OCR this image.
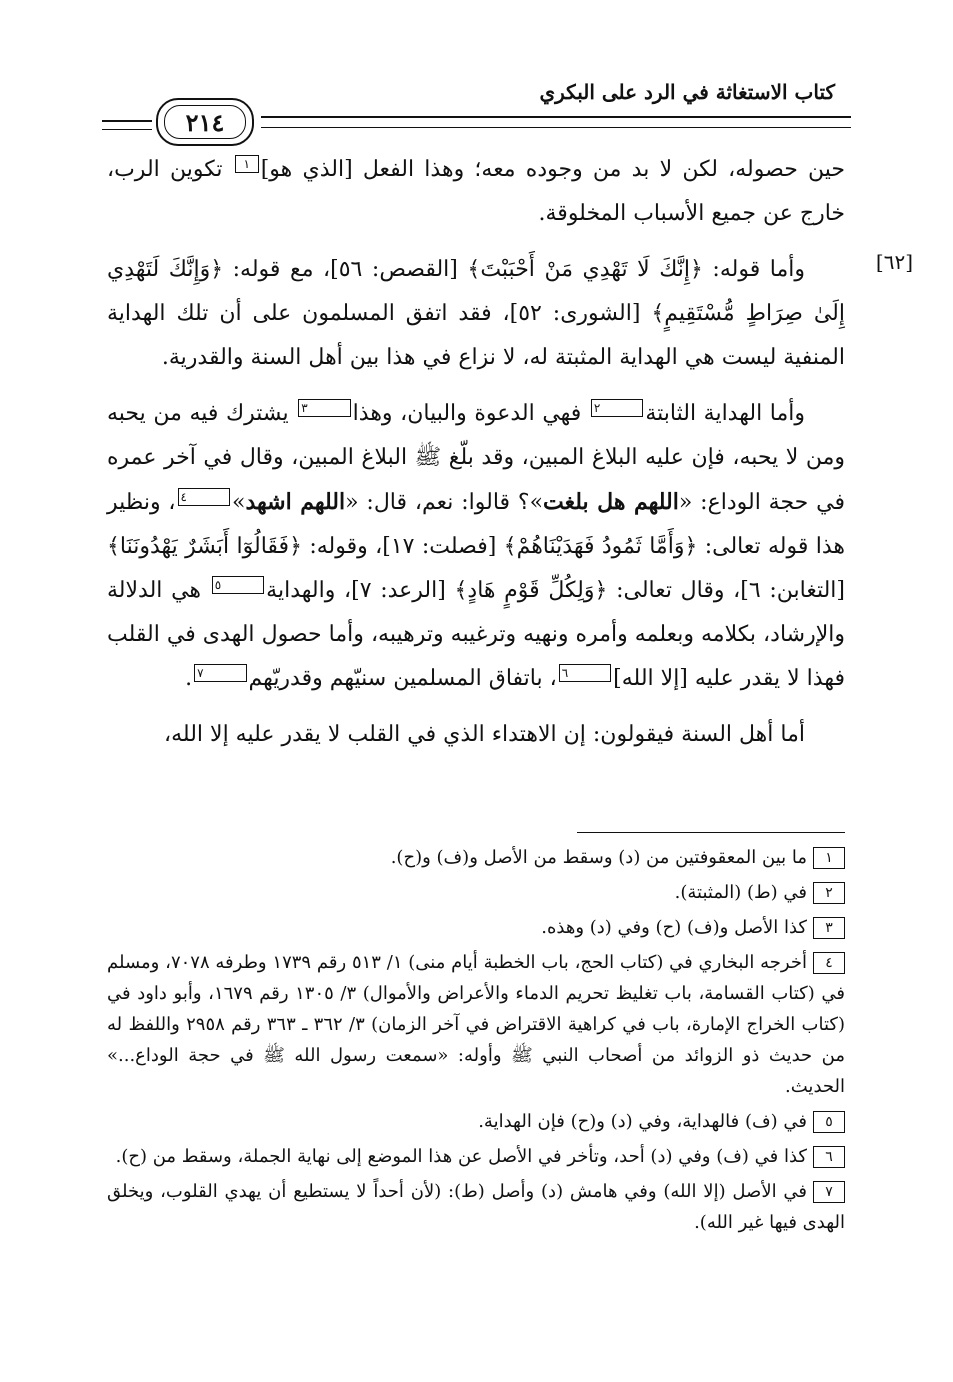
كتاب الاستغاثة في الرد على البكري
٢١٤
[٦٢]

حين حصوله، لكن لا بد من وجوده معه؛ وهذا الفعل [الذي هو]١ تكوين الرب، خارج عن جميع الأسباب المخلوقة.

وأما قوله: ﴿إِنَّكَ لَا تَهْدِي مَنْ أَحْبَبْتَ﴾ [القصص: ٥٦]، مع قوله: ﴿وَإِنَّكَ لَتَهْدِي إِلَىٰ صِرَاطٍ مُّسْتَقِيمٍ﴾ [الشورى: ٥٢]، فقد اتفق المسلمون على أن تلك الهداية المنفية ليست هي الهداية المثبتة له، لا نزاع في هذا بين أهل السنة والقدرية.

وأما الهداية الثابتة٢ فهي الدعوة والبيان، وهذا٣ يشترك فيه من يحبه ومن لا يحبه، فإن عليه البلاغ المبين، وقد بلّغ ﷺ البلاغ المبين، وقال في آخر عمره في حجة الوداع: «اللهم هل بلغت»؟ قالوا: نعم، قال: «اللهم اشهد»٤، ونظير هذا قوله تعالى: ﴿وَأَمَّا ثَمُودُ فَهَدَيْنَاهُمْ﴾ [فصلت: ١٧]، وقوله: ﴿فَقَالُوٓا أَبَشَرٌ يَهْدُونَنَا﴾ [التغابن: ٦]، وقال تعالى: ﴿وَلِكُلِّ قَوْمٍ هَادٍ﴾ [الرعد: ٧]، والهداية٥ هي الدلالة والإرشاد، بكلامه وبعلمه وأمره ونهيه وترغيبه وترهيبه، وأما حصول الهدى في القلب فهذا لا يقدر عليه [إلا الله]٦، باتفاق المسلمين سنيّهم وقدريّهم٧.

أما أهل السنة فيقولون: إن الاهتداء الذي في القلب لا يقدر عليه إلا الله،

١ما بين المعقوفتين من (د) وسقط من الأصل و(ف) و(ح).

٢في (ط) (المثبتة).

٣كذا الأصل و(ف) (ح) وفي (د) وهذه.

٤أخرجه البخاري في (كتاب الحج، باب الخطبة أيام منى) ١/ ٥١٣ رقم ١٧٣٩ وطرفه ٧٠٧٨، ومسلم في (كتاب القسامة، باب تغليظ تحريم الدماء والأعراض والأموال) ٣/ ١٣٠٥ رقم ١٦٧٩، وأبو داود في (كتاب الخراج الإمارة، باب في كراهية الاقتراض في آخر الزمان) ٣/ ٣٦٢ ـ ٣٦٣ رقم ٢٩٥٨ واللفظ له من حديث ذو الزوائد من أصحاب النبي ﷺ وأوله: «سمعت رسول الله ﷺ في حجة الوداع...» الحديث.

٥في (ف) فالهداية، وفي (د) و(ح) فإن الهداية.

٦كذا في (ف) وفي (د) أحد، وتأخر في الأصل عن هذا الموضع إلى نهاية الجملة، وسقط من (ح).

٧في الأصل (إلا الله) وفي هامش (د) وأصل (ط): (لأن أحداً لا يستطيع أن يهدي القلوب، ويخلق الهدى فيها غير الله).
